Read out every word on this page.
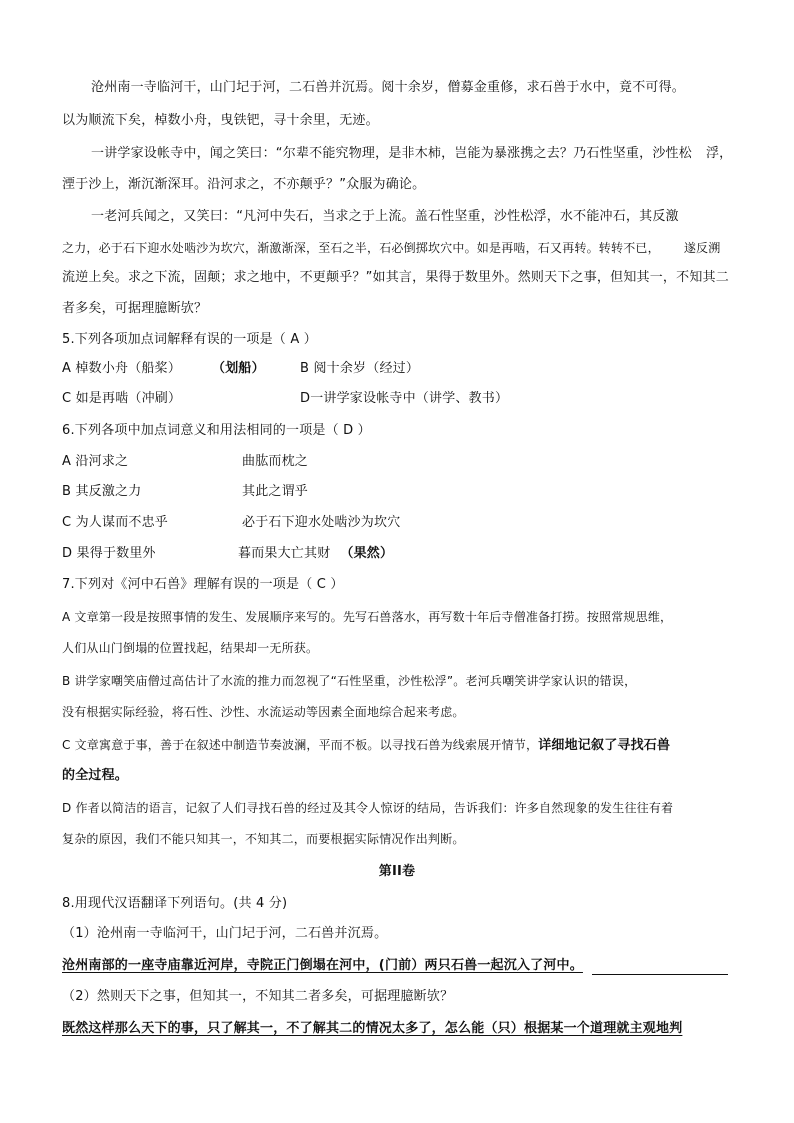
沧州南一寺临河干，山门圮于河，二石兽并沉焉。阅十余岁，僧募金重修，求石兽于水中，竟不可得。
以为顺流下矣，棹数小舟，曳铁钯，寻十余里，无迹。
一讲学家设帐寺中，闻之笑曰：“尔辈不能究物理，是非木柿，岂能为暴涨携之去？乃石性坚重，沙性松 浮，
湮于沙上，渐沉渐深耳。沿河求之，不亦颠乎？”众服为确论。
一老河兵闻之，又笑曰：“凡河中失石，当求之于上流。盖石性坚重，沙性松浮，水不能冲石，其反激
之力，必于石下迎水处啮沙为坎穴，渐激渐深，至石之半，石必倒掷坎穴中。如是再啮，石又再转。转转不已， 遂反溯
流逆上矣。求之下流，固颠；求之地中，不更颠乎？”如其言，果得于数里外。然则天下之事，但知其一，不知其二
者多矣，可据理臆断欤？
5.下列各项加点词解释有误的一项是（ A ）
A 棹数小舟（船桨） （划船）	B 阅十余岁（经过）
C 如是再啮（冲刷）	D一讲学家设帐寺中（讲学、教书）
6.下列各项中加点词意义和用法相同的一项是（ D ）
A 沿河求之	曲肱而枕之
B 其反激之力	其此之谓乎
C 为人谋而不忠乎	必于石下迎水处啮沙为坎穴
D 果得于数里外	暮而果大亡其财 （果然）
7.下列对《河中石兽》理解有误的一项是（ C ）
A 文章第一段是按照事情的发生、发展顺序来写的。先写石兽落水，再写数十年后寺僧准备打捞。按照常规思维，
人们从山门倒塌的位置找起，结果却一无所获。
B 讲学家嘲笑庙僧过高估计了水流的推力而忽视了“石性坚重，沙性松浮”。老河兵嘲笑讲学家认识的错误，
没有根据实际经验，将石性、沙性、水流运动等因素全面地综合起来考虑。
C 文章寓意于事，善于在叙述中制造节奏波澜，平而不板。以寻找石兽为线索展开情节，详细地记叙了寻找石兽
的全过程。
D 作者以简洁的语言，记叙了人们寻找石兽的经过及其令人惊讶的结局，告诉我们：许多自然现象的发生往往有着
复杂的原因，我们不能只知其一，不知其二，而要根据实际情况作出判断。
第II卷
8.用现代汉语翻译下列语句。(共 4 分)
（1）沧州南一寺临河干，山门圮于河，二石兽并沉焉。
沧州南部的一座寺庙靠近河岸，寺院正门倒塌在河中，(门前）两只石兽一起沉入了河中。
（2）然则天下之事，但知其一，不知其二者多矣，可据理臆断欤？
既然这样那么天下的事，只了解其一，不了解其二的情况太多了，怎么能（只）根据某一个道理就主观地判
